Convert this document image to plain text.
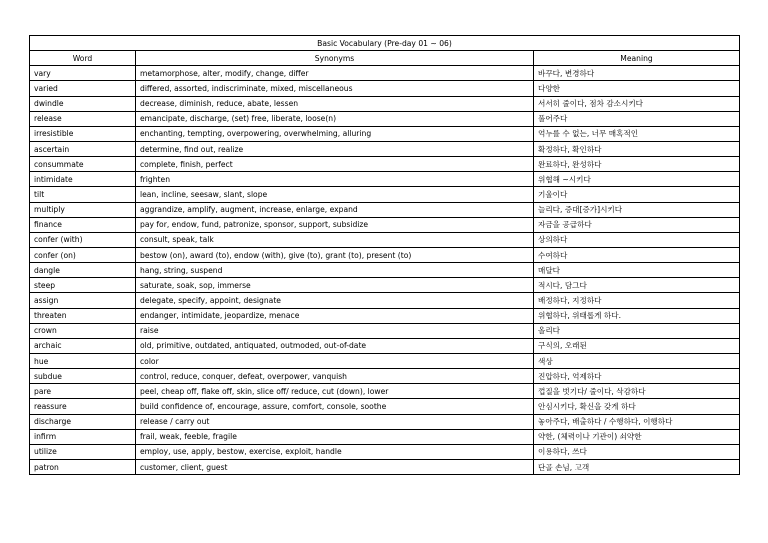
Basic Vocabulary (Pre-day 01 ~ 06)		
Word	Synonyms	Meaning
vary	metamorphose, alter, modify, change, differ	바꾸다, 변경하다
varied	differed, assorted, indiscriminate, mixed, miscellaneous	다양한
dwindle	decrease, diminish, reduce, abate, lessen	서서히 줄이다, 점차 감소시키다
release	emancipate, discharge, (set) free, liberate, loose(n)	풀어주다
irresistible	enchanting, tempting, overpowering, overwhelming, alluring	억누를 수 없는, 너무 매혹적인
ascertain	determine, find out, realize	확정하다, 확인하다
consummate	complete, finish, perfect	완료하다, 완성하다
intimidate	frighten	위협해 ~시키다
tilt	lean, incline, seesaw, slant, slope	기울이다
multiply	aggrandize, amplify, augment, increase, enlarge, expand	늘리다, 증대[증가]시키다
finance	pay for, endow, fund, patronize, sponsor, support, subsidize	자금을 공급하다
confer (with)	consult, speak, talk	상의하다
confer (on)	bestow (on), award (to), endow (with), give (to), grant (to), present (to)	수여하다
dangle	hang, string, suspend	매달다
steep	saturate, soak, sop, immerse	적시다, 담그다
assign	delegate, specify, appoint, designate	배정하다, 지정하다
threaten	endanger, intimidate, jeopardize, menace	위협하다, 위태롭게 하다.
crown	raise	올리다
archaic	old, primitive, outdated, antiquated, outmoded, out-of-date	구식의, 오래된
hue	color	색상
subdue	control, reduce, conquer, defeat, overpower, vanquish	진압하다, 억제하다
pare	peel, cheap off, flake off, skin, slice off/ reduce, cut (down), lower	껍질을 벗기다/ 줄이다, 삭감하다
reassure	build confidence of, encourage, assure, comfort, console, soothe	안심시키다, 확신을 갖게 하다
discharge	release / carry out	놓아주다, 배출하다 / 수행하다, 이행하다
infirm	frail, weak, feeble, fragile	약한, (체력이나 기관이) 쇠약한
utilize	employ, use, apply, bestow, exercise, exploit, handle	이용하다, 쓰다
patron	customer, client, guest	단골 손님, 고객
